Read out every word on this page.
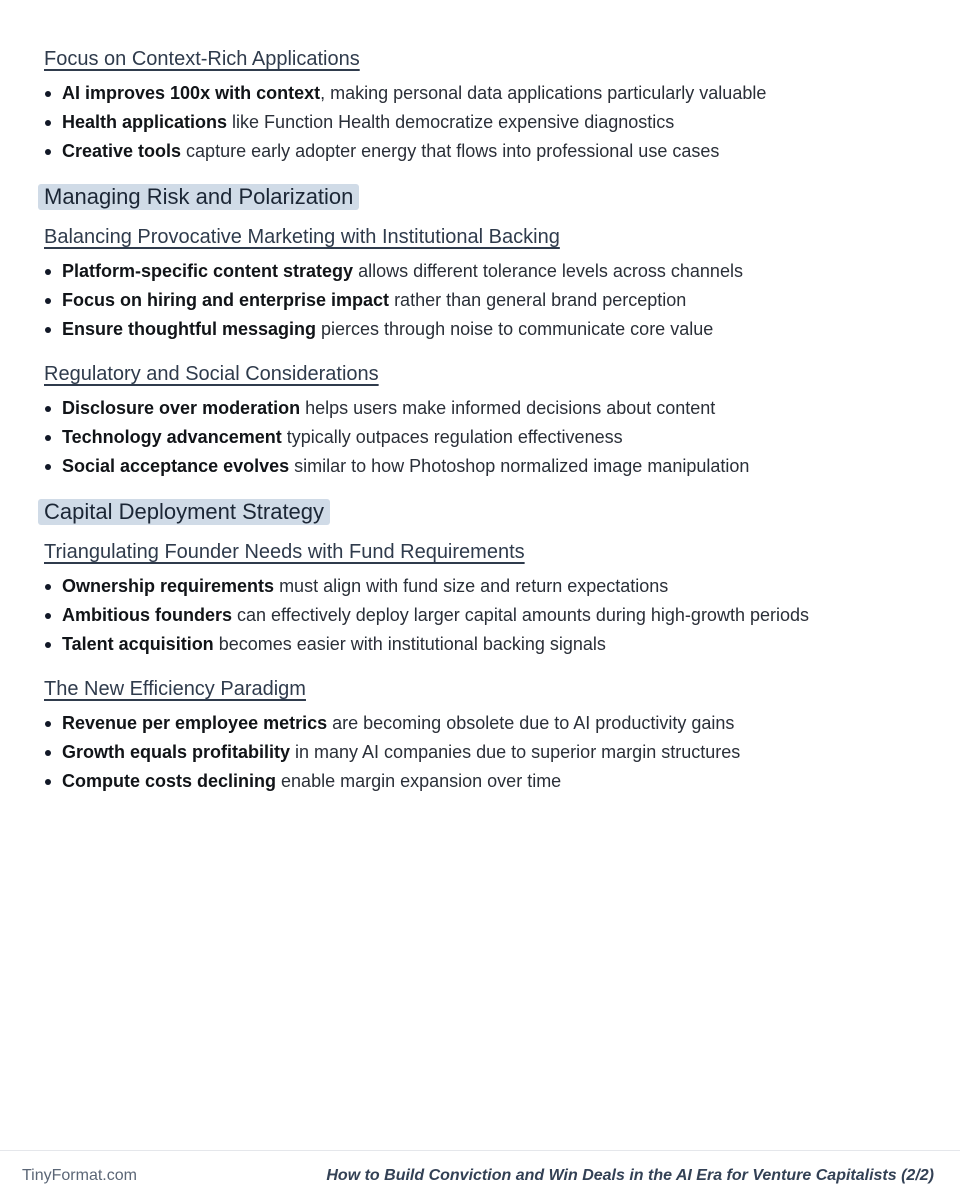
Focus on Context-Rich Applications
AI improves 100x with context, making personal data applications particularly valuable
Health applications like Function Health democratize expensive diagnostics
Creative tools capture early adopter energy that flows into professional use cases
Managing Risk and Polarization
Balancing Provocative Marketing with Institutional Backing
Platform-specific content strategy allows different tolerance levels across channels
Focus on hiring and enterprise impact rather than general brand perception
Ensure thoughtful messaging pierces through noise to communicate core value
Regulatory and Social Considerations
Disclosure over moderation helps users make informed decisions about content
Technology advancement typically outpaces regulation effectiveness
Social acceptance evolves similar to how Photoshop normalized image manipulation
Capital Deployment Strategy
Triangulating Founder Needs with Fund Requirements
Ownership requirements must align with fund size and return expectations
Ambitious founders can effectively deploy larger capital amounts during high-growth periods
Talent acquisition becomes easier with institutional backing signals
The New Efficiency Paradigm
Revenue per employee metrics are becoming obsolete due to AI productivity gains
Growth equals profitability in many AI companies due to superior margin structures
Compute costs declining enable margin expansion over time
TinyFormat.com	How to Build Conviction and Win Deals in the AI Era for Venture Capitalists (2/2)
